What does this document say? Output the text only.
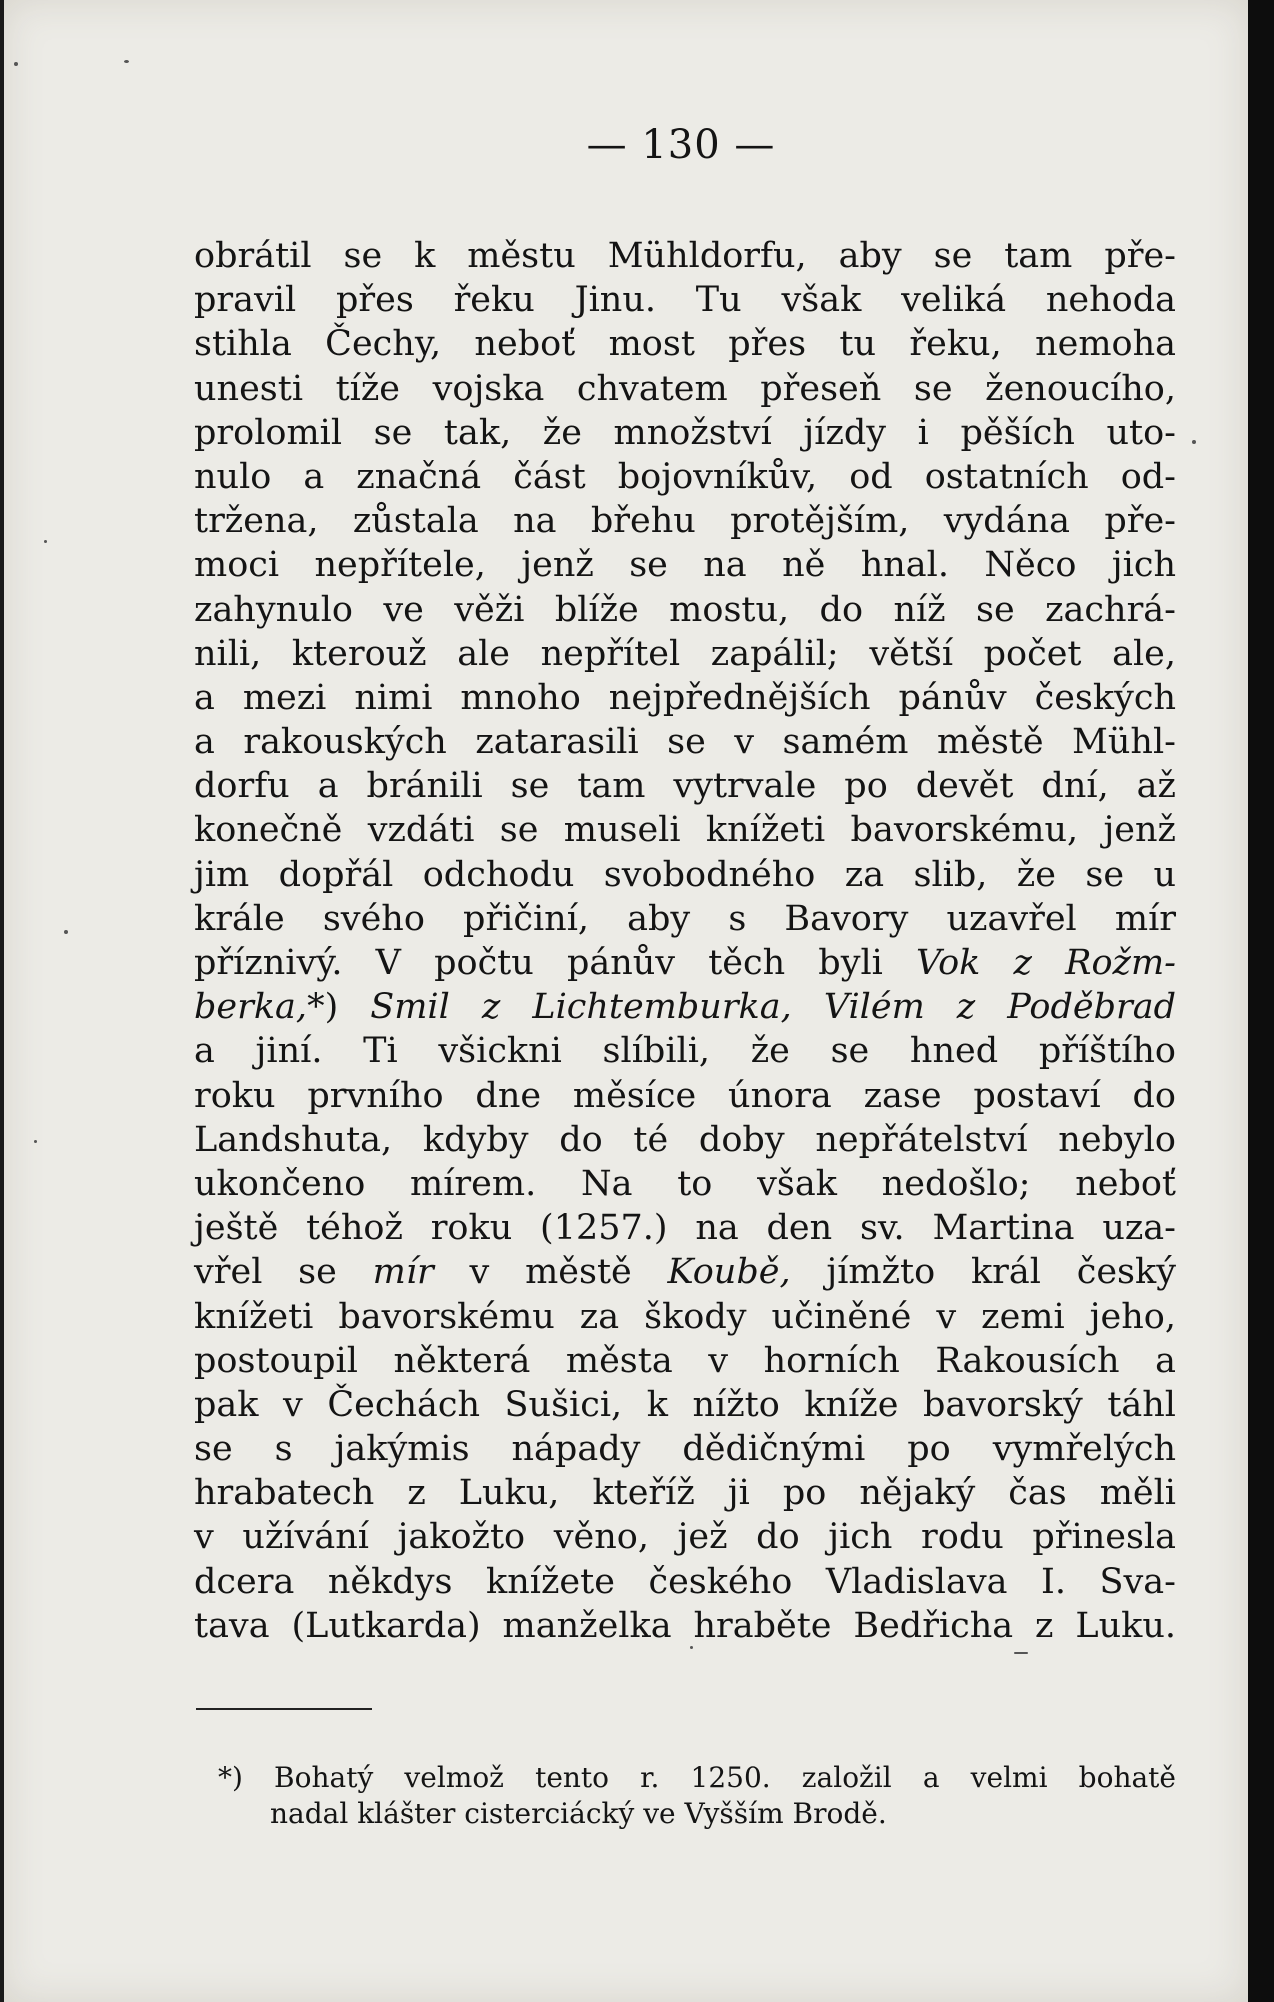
— 130 —
obrátil se k městu Mühldorfu, aby se tam pře-
pravil přes řeku Jinu. Tu však veliká nehoda
stihla Čechy, neboť most přes tu řeku, nemoha
unesti tíže vojska chvatem přeseň se ženoucího,
prolomil se tak, že množství jízdy i pěších uto-
nulo a značná část bojovníkův, od ostatních od-
tržena, zůstala na břehu protějším, vydána pře-
moci nepřítele, jenž se na ně hnal. Něco jich
zahynulo ve věži blíže mostu, do níž se zachrá-
nili, kterouž ale nepřítel zapálil; větší počet ale,
a mezi nimi mnoho nejpřednějších pánův českých
a rakouských zatarasili se v samém městě Mühl-
dorfu a bránili se tam vytrvale po devět dní, až
konečně vzdáti se museli knížeti bavorskému, jenž
jim dopřál odchodu svobodného za slib, že se u
krále svého přičiní, aby s Bavory uzavřel mír
příznivý. V počtu pánův těch byli Vok z Rožm-
berka,*) Smil z Lichtemburka, Vilém z Poděbrad
a jiní. Ti všickni slíbili, že se hned příštího
roku prvního dne měsíce února zase postaví do
Landshuta, kdyby do té doby nepřátelství nebylo
ukončeno mírem. Na to však nedošlo; neboť
ještě téhož roku (1257.) na den sv. Martina uza-
vřel se mír v městě Koubě, jímžto král český
knížeti bavorskému za škody učiněné v zemi jeho,
postoupil některá města v horních Rakousích a
pak v Čechách Sušici, k nížto kníže bavorský táhl
se s jakýmis nápady dědičnými po vymřelých
hrabatech z Luku, kteříž ji po nějaký čas měli
v užívání jakožto věno, jež do jich rodu přinesla
dcera někdys knížete českého Vladislava I. Sva-
tava (Lutkarda) manželka hraběte Bedřicha z Luku.
*) Bohatý velmož tento r. 1250. založil a velmi bohatě
nadal klášter cisterciácký ve Vyšším Brodě.
